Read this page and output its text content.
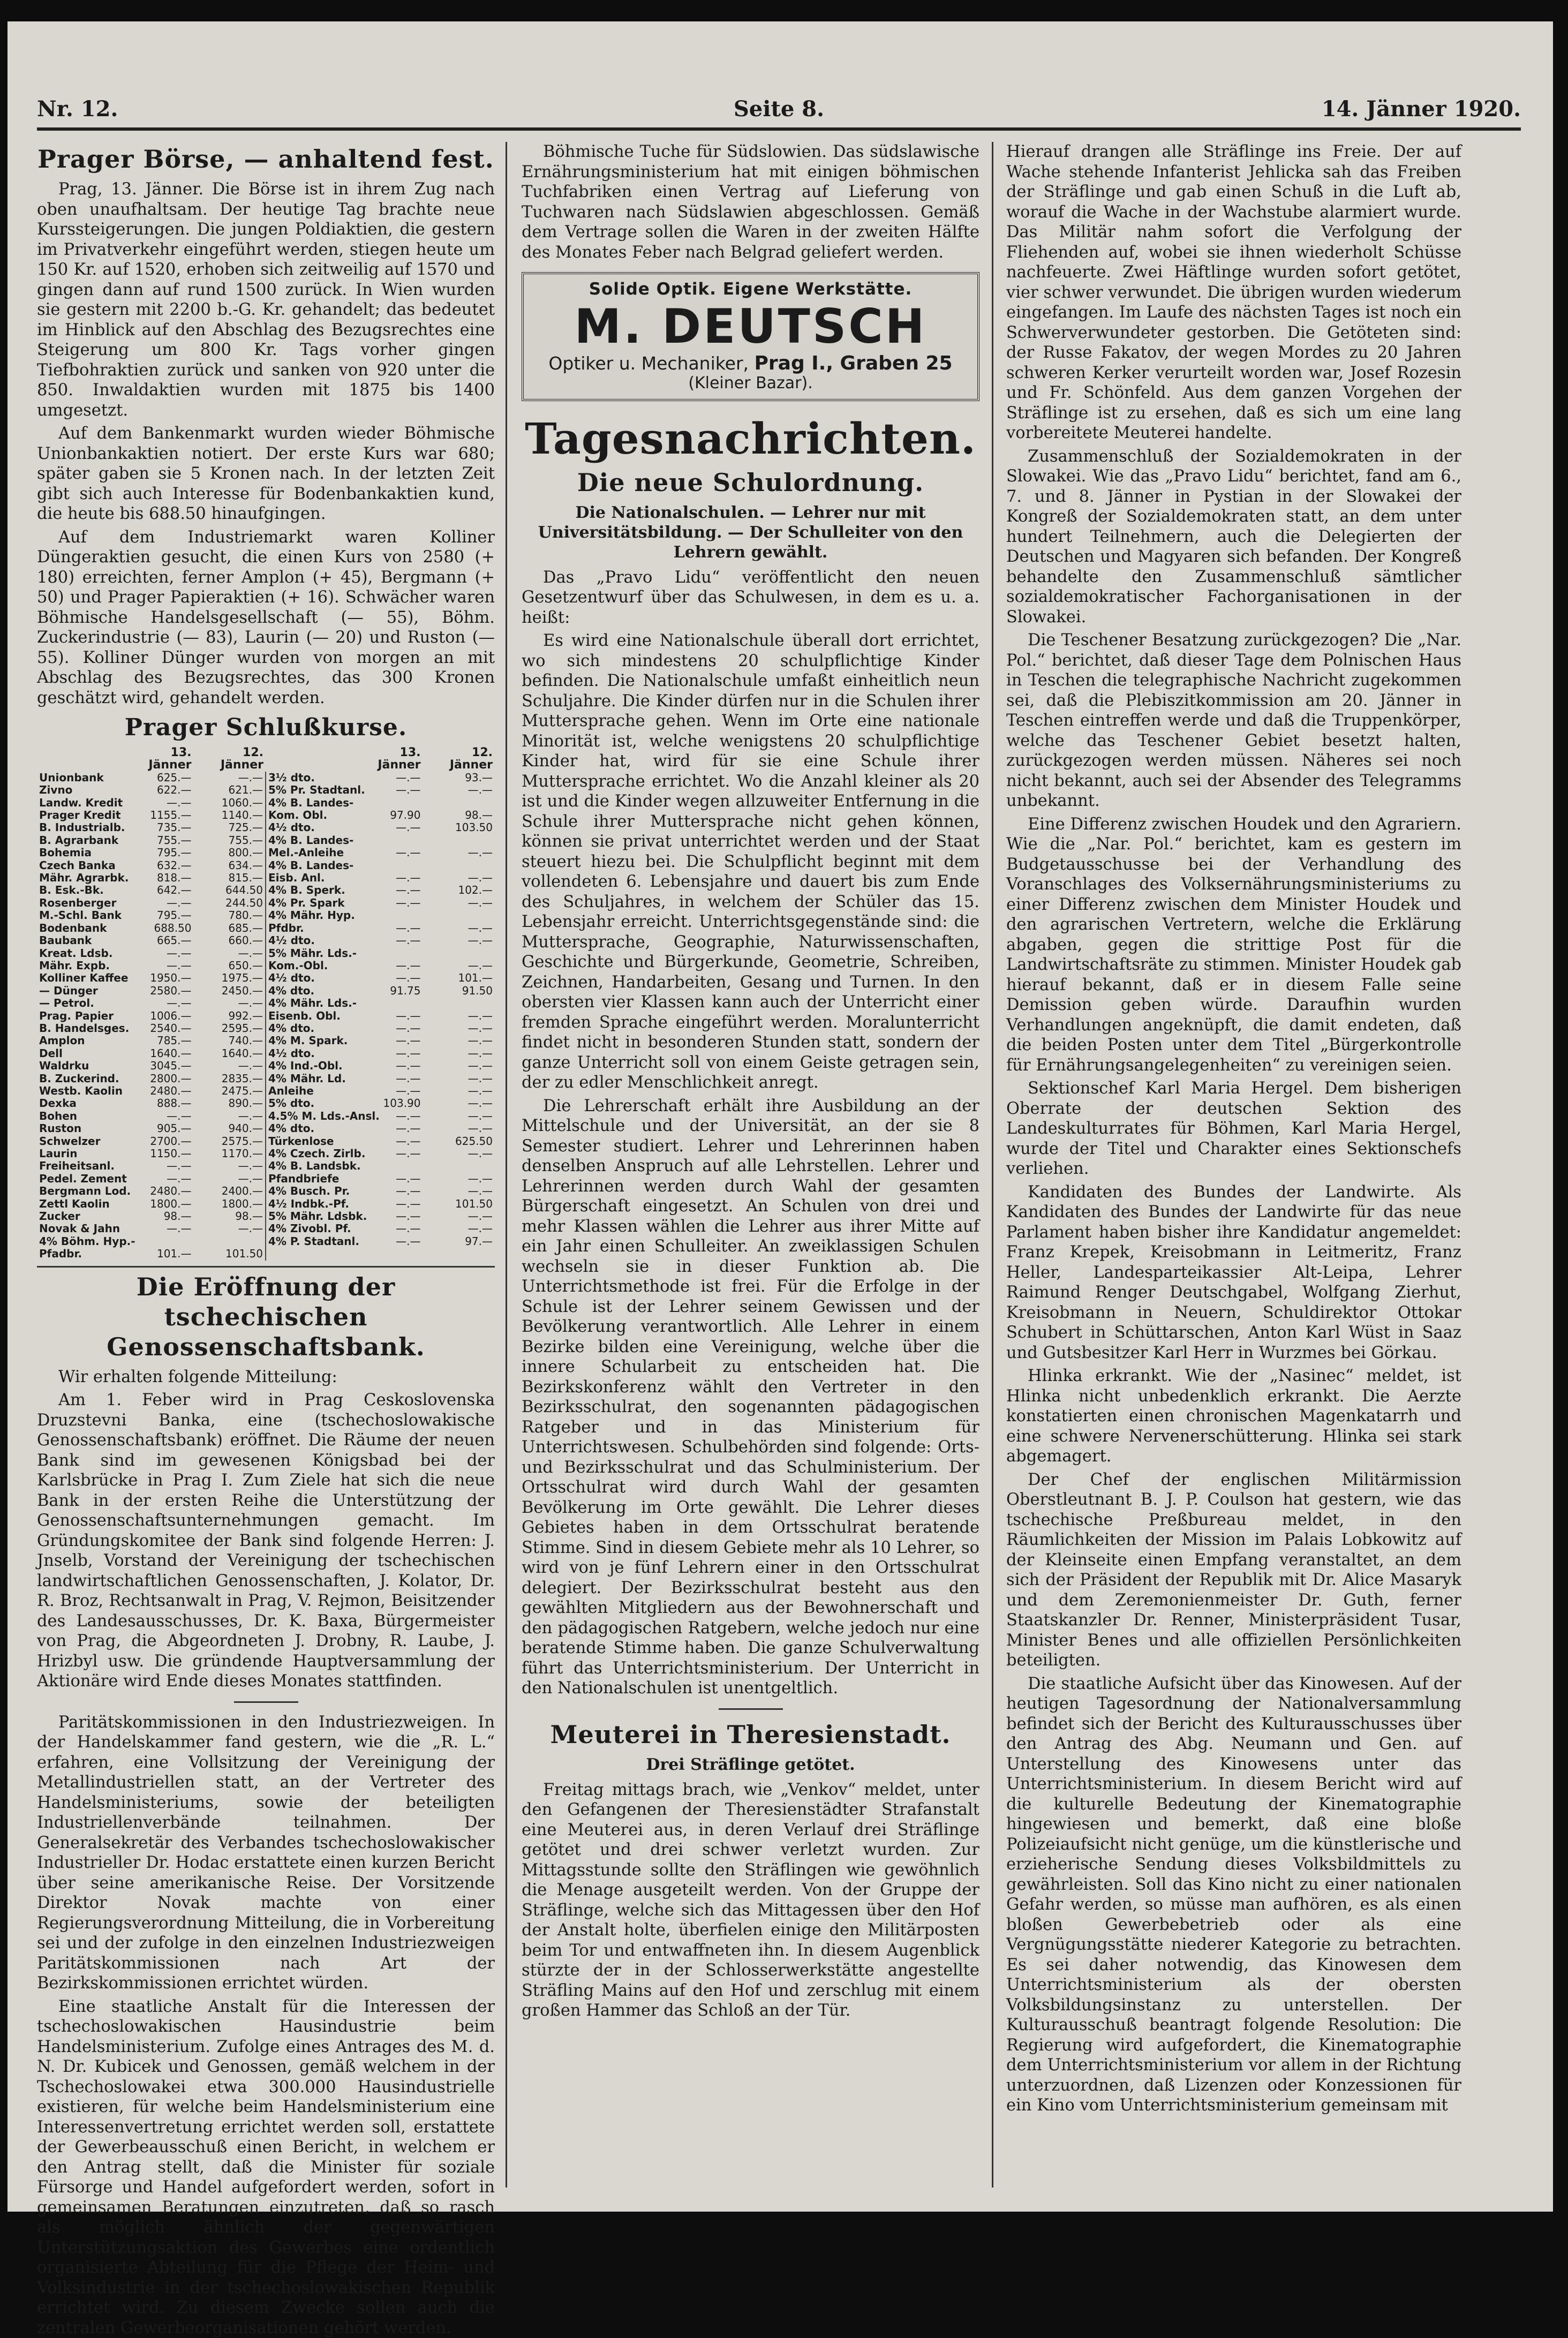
Nr. 12.	Seite 8.	14. Jänner 1920.
Prager Börse, — anhaltend fest.

Prag, 13. Jänner. Die Börse ist in ihrem Zug nach oben unaufhaltsam. Der heutige Tag brachte neue Kurssteigerungen. Die jungen Poldiaktien, die gestern im Privatverkehr eingeführt werden, stiegen heute um 150 Kr. auf 1520, erhoben sich zeitweilig auf 1570 und gingen dann auf rund 1500 zurück. In Wien wurden sie gestern mit 2200 b.-G. Kr. gehandelt; das bedeutet im Hinblick auf den Abschlag des Bezugsrechtes eine Steigerung um 800 Kr. Tags vorher gingen Tiefbohraktien zurück und sanken von 920 unter die 850. Inwaldaktien wurden mit 1875 bis 1400 umgesetzt.

Auf dem Bankenmarkt wurden wieder Böhmische Unionbankaktien notiert. Der erste Kurs war 680; später gaben sie 5 Kronen nach. In der letzten Zeit gibt sich auch Interesse für Bodenbankaktien kund, die heute bis 688.50 hinaufgingen.

Auf dem Industriemarkt waren Kolliner Düngeraktien gesucht, die einen Kurs von 2580 (+ 180) erreichten, ferner Amplon (+ 45), Bergmann (+ 50) und Prager Papieraktien (+ 16). Schwächer waren Böhmische Handelsgesellschaft (— 55), Böhm. Zuckerindustrie (— 83), Laurin (— 20) und Ruston (— 55). Kolliner Dünger wurden von morgen an mit Abschlag des Bezugsrechtes, das 300 Kronen geschätzt wird, gehandelt werden.

Prager Schlußkurse.
	13. Jänner	12. Jänner		13. Jänner	12. Jänner
Unionbank	625.—	—.—	3½ dto.	—.—	93.—
Zivno	622.—	621.—	5% Pr. Stadtanl.	—.—	—.—
Landw. Kredit	—.—	1060.—	4% B. Landes-		
Prager Kredit	1155.—	1140.—	Kom. Obl.	97.90	98.—
B. Industrialb.	735.—	725.—	4½ dto.	—.—	103.50
B. Agrarbank	755.—	755.—	4% B. Landes-		
Bohemia	795.—	800.—	Mel.-Anleihe	—.—	—.—
Czech Banka	632.—	634.—	4% B. Landes-		
Mähr. Agrarbk.	818.—	815.—	Eisb. Anl.	—.—	—.—
B. Esk.-Bk.	642.—	644.50	4% B. Sperk.	—.—	102.—
Rosenberger	—.—	244.50	4% Pr. Spark	—.—	—.—
M.-Schl. Bank	795.—	780.—	4% Mähr. Hyp.		
Bodenbank	688.50	685.—	Pfdbr.	—.—	—.—
Baubank	665.—	660.—	4½ dto.	—.—	—.—
Kreat. Ldsb.	—.—	—.—	5% Mähr. Lds.-		
Mähr. Expb.	—.—	650.—	Kom.-Obl.	—.—	—.—
Kolliner Kaffee	1950.—	1975.—	4½ dto.	—.—	101.—
— Dünger	2580.—	2450.—	4% dto.	91.75	91.50
— Petrol.	—.—	—.—	4% Mähr. Lds.-		
Prag. Papier	1006.—	992.—	Eisenb. Obl.	—.—	—.—
B. Handelsges.	2540.—	2595.—	4% dto.	—.—	—.—
Amplon	785.—	740.—	4% M. Spark.	—.—	—.—
Dell	1640.—	1640.—	4½ dto.	—.—	—.—
Waldrku	3045.—	—.—	4% Ind.-Obl.	—.—	—.—
B. Zuckerind.	2800.—	2835.—	4% Mähr. Ld.	—.—	—.—
Westb. Kaolin	2480.—	2475.—	Anleihe	—.—	—.—
Dexka	888.—	890.—	5% dto.	103.90	—.—
Bohen	—.—	—.—	4.5% M. Lds.-Ansl.	—.—	—.—
Ruston	905.—	940.—	4% dto.	—.—	—.—
Schwelzer	2700.—	2575.—	Türkenlose	—.—	625.50
Laurin	1150.—	1170.—	4% Czech. Zirlb.	—.—	—.—
Freiheitsanl.	—.—	—.—	4% B. Landsbk.		
Pedel. Zement	—.—	—.—	Pfandbriefe	—.—	—.—
Bergmann Lod.	2480.—	2400.—	4% Busch. Pr.	—.—	—.—
Zettl Kaolin	1800.—	1800.—	4½ Indbk.-Pf.	—.—	101.50
Zucker	98.—	98.—	5% Mähr. Ldsbk.	—.—	—.—
Novak & Jahn	—.—	—.—	4% Zivobl. Pf.	—.—	—.—
4% Böhm. Hyp.-			4% P. Stadtanl.	—.—	97.—
Pfadbr.	101.—	101.50			
Die Eröffnung der tschechischen Genossenschaftsbank.

Wir erhalten folgende Mitteilung:

Am 1. Feber wird in Prag Ceskoslovenska Druzstevni Banka, eine (tschechoslowakische Genossenschaftsbank) eröffnet. Die Räume der neuen Bank sind im gewesenen Königsbad bei der Karlsbrücke in Prag I. Zum Ziele hat sich die neue Bank in der ersten Reihe die Unterstützung der Genossenschaftsunternehmungen gemacht. Im Gründungskomitee der Bank sind folgende Herren: J. Jnselb, Vorstand der Vereinigung der tschechischen landwirtschaftlichen Genossenschaften, J. Kolator, Dr. R. Broz, Rechtsanwalt in Prag, V. Rejmon, Beisitzender des Landesausschusses, Dr. K. Baxa, Bürgermeister von Prag, die Abgeordneten J. Drobny, R. Laube, J. Hrizbyl usw. Die gründende Hauptversammlung der Aktionäre wird Ende dieses Monates stattfinden.

Paritätskommissionen in den Industriezweigen. In der Handelskammer fand gestern, wie die „R. L.“ erfahren, eine Vollsitzung der Vereinigung der Metallindustriellen statt, an der Vertreter des Handelsministeriums, sowie der beteiligten Industriellenverbände teilnahmen. Der Generalsekretär des Verbandes tschechoslowakischer Industrieller Dr. Hodac erstattete einen kurzen Bericht über seine amerikanische Reise. Der Vorsitzende Direktor Novak machte von einer Regierungsverordnung Mitteilung, die in Vorbereitung sei und der zufolge in den einzelnen Industriezweigen Paritätskommissionen nach Art der Bezirkskommissionen errichtet würden.

Eine staatliche Anstalt für die Interessen der tschechoslowakischen Hausindustrie beim Handelsministerium. Zufolge eines Antrages des M. d. N. Dr. Kubicek und Genossen, gemäß welchem in der Tschechoslowakei etwa 300.000 Hausindustrielle existieren, für welche beim Handelsministerium eine Interessenvertretung errichtet werden soll, erstattete der Gewerbeausschuß einen Bericht, in welchem er den Antrag stellt, daß die Minister für soziale Fürsorge und Handel aufgefordert werden, sofort in gemeinsamen Beratungen einzutreten, daß so rasch als möglich ähnlich der gegenwärtigen Unterstützungsaktion des Gewerbes eine ordentlich organisierte Abteilung für die Pflege der Heim- und Volksindustrie in der tschechoslowakischen Republik errichtet wird. Zu diesem Zwecke sollen auch die zentralen Gewerbeorganisationen gehört werden.

Böhmische Tuche für Südslowien. Das südslawische Ernährungsministerium hat mit einigen böhmischen Tuchfabriken einen Vertrag auf Lieferung von Tuchwaren nach Südslawien abgeschlossen. Gemäß dem Vertrage sollen die Waren in der zweiten Hälfte des Monates Feber nach Belgrad geliefert werden.

Solide Optik. Eigene Werkstätte.
M. DEUTSCH
Optiker u. Mechaniker, Prag I., Graben 25
(Kleiner Bazar).
Tagesnachrichten.
Die neue Schulordnung.
Die Nationalschulen. — Lehrer nur mit Universitätsbildung. — Der Schulleiter von den Lehrern gewählt.

Das „Pravo Lidu“ veröffentlicht den neuen Gesetzentwurf über das Schulwesen, in dem es u. a. heißt:

Es wird eine Nationalschule überall dort errichtet, wo sich mindestens 20 schulpflichtige Kinder befinden. Die Nationalschule umfaßt einheitlich neun Schuljahre. Die Kinder dürfen nur in die Schulen ihrer Muttersprache gehen. Wenn im Orte eine nationale Minorität ist, welche wenigstens 20 schulpflichtige Kinder hat, wird für sie eine Schule ihrer Muttersprache errichtet. Wo die Anzahl kleiner als 20 ist und die Kinder wegen allzuweiter Entfernung in die Schule ihrer Muttersprache nicht gehen können, können sie privat unterrichtet werden und der Staat steuert hiezu bei. Die Schulpflicht beginnt mit dem vollendeten 6. Lebensjahre und dauert bis zum Ende des Schuljahres, in welchem der Schüler das 15. Lebensjahr erreicht. Unterrichtsgegenstände sind: die Muttersprache, Geographie, Naturwissenschaften, Geschichte und Bürgerkunde, Geometrie, Schreiben, Zeichnen, Handarbeiten, Gesang und Turnen. In den obersten vier Klassen kann auch der Unterricht einer fremden Sprache eingeführt werden. Moralunterricht findet nicht in besonderen Stunden statt, sondern der ganze Unterricht soll von einem Geiste getragen sein, der zu edler Menschlichkeit anregt.

Die Lehrerschaft erhält ihre Ausbildung an der Mittelschule und der Universität, an der sie 8 Semester studiert. Lehrer und Lehrerinnen haben denselben Anspruch auf alle Lehrstellen. Lehrer und Lehrerinnen werden durch Wahl der gesamten Bürgerschaft eingesetzt. An Schulen von drei und mehr Klassen wählen die Lehrer aus ihrer Mitte auf ein Jahr einen Schulleiter. An zweiklassigen Schulen wechseln sie in dieser Funktion ab. Die Unterrichtsmethode ist frei. Für die Erfolge in der Schule ist der Lehrer seinem Gewissen und der Bevölkerung verantwortlich. Alle Lehrer in einem Bezirke bilden eine Vereinigung, welche über die innere Schularbeit zu entscheiden hat. Die Bezirkskonferenz wählt den Vertreter in den Bezirksschulrat, den sogenannten pädagogischen Ratgeber und in das Ministerium für Unterrichtswesen. Schulbehörden sind folgende: Orts- und Bezirksschulrat und das Schulministerium. Der Ortsschulrat wird durch Wahl der gesamten Bevölkerung im Orte gewählt. Die Lehrer dieses Gebietes haben in dem Ortsschulrat beratende Stimme. Sind in diesem Gebiete mehr als 10 Lehrer, so wird von je fünf Lehrern einer in den Ortsschulrat delegiert. Der Bezirksschulrat besteht aus den gewählten Mitgliedern aus der Bewohnerschaft und den pädagogischen Ratgebern, welche jedoch nur eine beratende Stimme haben. Die ganze Schulverwaltung führt das Unterrichtsministerium. Der Unterricht in den Nationalschulen ist unentgeltlich.

Meuterei in Theresienstadt.
Drei Sträflinge getötet.

Freitag mittags brach, wie „Venkov“ meldet, unter den Gefangenen der Theresienstädter Strafanstalt eine Meuterei aus, in deren Verlauf drei Sträflinge getötet und drei schwer verletzt wurden. Zur Mittagsstunde sollte den Sträflingen wie gewöhnlich die Menage ausgeteilt werden. Von der Gruppe der Sträflinge, welche sich das Mittagessen über den Hof der Anstalt holte, überfielen einige den Militärposten beim Tor und entwaffneten ihn. In diesem Augenblick stürzte der in der Schlosserwerkstätte angestellte Sträfling Mains auf den Hof und zerschlug mit einem großen Hammer das Schloß an der Tür.

Hierauf drangen alle Sträflinge ins Freie. Der auf Wache stehende Infanterist Jehlicka sah das Freiben der Sträflinge und gab einen Schuß in die Luft ab, worauf die Wache in der Wachstube alarmiert wurde. Das Militär nahm sofort die Verfolgung der Fliehenden auf, wobei sie ihnen wiederholt Schüsse nachfeuerte. Zwei Häftlinge wurden sofort getötet, vier schwer verwundet. Die übrigen wurden wiederum eingefangen. Im Laufe des nächsten Tages ist noch ein Schwerverwundeter gestorben. Die Getöteten sind: der Russe Fakatov, der wegen Mordes zu 20 Jahren schweren Kerker verurteilt worden war, Josef Rozesin und Fr. Schönfeld. Aus dem ganzen Vorgehen der Sträflinge ist zu ersehen, daß es sich um eine lang vorbereitete Meuterei handelte.

Zusammenschluß der Sozialdemokraten in der Slowakei. Wie das „Pravo Lidu“ berichtet, fand am 6., 7. und 8. Jänner in Pystian in der Slowakei der Kongreß der Sozialdemokraten statt, an dem unter hundert Teilnehmern, auch die Delegierten der Deutschen und Magyaren sich befanden. Der Kongreß behandelte den Zusammenschluß sämtlicher sozialdemokratischer Fachorganisationen in der Slowakei.

Die Teschener Besatzung zurückgezogen? Die „Nar. Pol.“ berichtet, daß dieser Tage dem Polnischen Haus in Teschen die telegraphische Nachricht zugekommen sei, daß die Plebiszitkommission am 20. Jänner in Teschen eintreffen werde und daß die Truppenkörper, welche das Teschener Gebiet besetzt halten, zurückgezogen werden müssen. Näheres sei noch nicht bekannt, auch sei der Absender des Telegramms unbekannt.

Eine Differenz zwischen Houdek und den Agrariern. Wie die „Nar. Pol.“ berichtet, kam es gestern im Budgetausschusse bei der Verhandlung des Voranschlages des Volksernährungsministeriums zu einer Differenz zwischen dem Minister Houdek und den agrarischen Vertretern, welche die Erklärung abgaben, gegen die strittige Post für die Landwirtschaftsräte zu stimmen. Minister Houdek gab hierauf bekannt, daß er in diesem Falle seine Demission geben würde. Daraufhin wurden Verhandlungen angeknüpft, die damit endeten, daß die beiden Posten unter dem Titel „Bürgerkontrolle für Ernährungsangelegenheiten“ zu vereinigen seien.

Sektionschef Karl Maria Hergel. Dem bisherigen Oberrate der deutschen Sektion des Landeskulturrates für Böhmen, Karl Maria Hergel, wurde der Titel und Charakter eines Sektionschefs verliehen.

Kandidaten des Bundes der Landwirte. Als Kandidaten des Bundes der Landwirte für das neue Parlament haben bisher ihre Kandidatur angemeldet: Franz Krepek, Kreisobmann in Leitmeritz, Franz Heller, Landesparteikassier Alt-Leipa, Lehrer Raimund Renger Deutschgabel, Wolfgang Zierhut, Kreisobmann in Neuern, Schuldirektor Ottokar Schubert in Schüttarschen, Anton Karl Wüst in Saaz und Gutsbesitzer Karl Herr in Wurzmes bei Görkau.

Hlinka erkrankt. Wie der „Nasinec“ meldet, ist Hlinka nicht unbedenklich erkrankt. Die Aerzte konstatierten einen chronischen Magenkatarrh und eine schwere Nervenerschütterung. Hlinka sei stark abgemagert.

Der Chef der englischen Militärmission Oberstleutnant B. J. P. Coulson hat gestern, wie das tschechische Preßbureau meldet, in den Räumlichkeiten der Mission im Palais Lobkowitz auf der Kleinseite einen Empfang veranstaltet, an dem sich der Präsident der Republik mit Dr. Alice Masaryk und dem Zeremonienmeister Dr. Guth, ferner Staatskanzler Dr. Renner, Ministerpräsident Tusar, Minister Benes und alle offiziellen Persönlichkeiten beteiligten.

Die staatliche Aufsicht über das Kinowesen. Auf der heutigen Tagesordnung der Nationalversammlung befindet sich der Bericht des Kulturausschusses über den Antrag des Abg. Neumann und Gen. auf Unterstellung des Kinowesens unter das Unterrichtsministerium. In diesem Bericht wird auf die kulturelle Bedeutung der Kinematographie hingewiesen und bemerkt, daß eine bloße Polizeiaufsicht nicht genüge, um die künstlerische und erzieherische Sendung dieses Volksbildmittels zu gewährleisten. Soll das Kino nicht zu einer nationalen Gefahr werden, so müsse man aufhören, es als einen bloßen Gewerbebetrieb oder als eine Vergnügungsstätte niederer Kategorie zu betrachten. Es sei daher notwendig, das Kinowesen dem Unterrichtsministerium als der obersten Volksbildungsinstanz zu unterstellen. Der Kulturausschuß beantragt folgende Resolution: Die Regierung wird aufgefordert, die Kinematographie dem Unterrichtsministerium vor allem in der Richtung unterzuordnen, daß Lizenzen oder Konzessionen für ein Kino vom Unterrichtsministerium gemeinsam mit
